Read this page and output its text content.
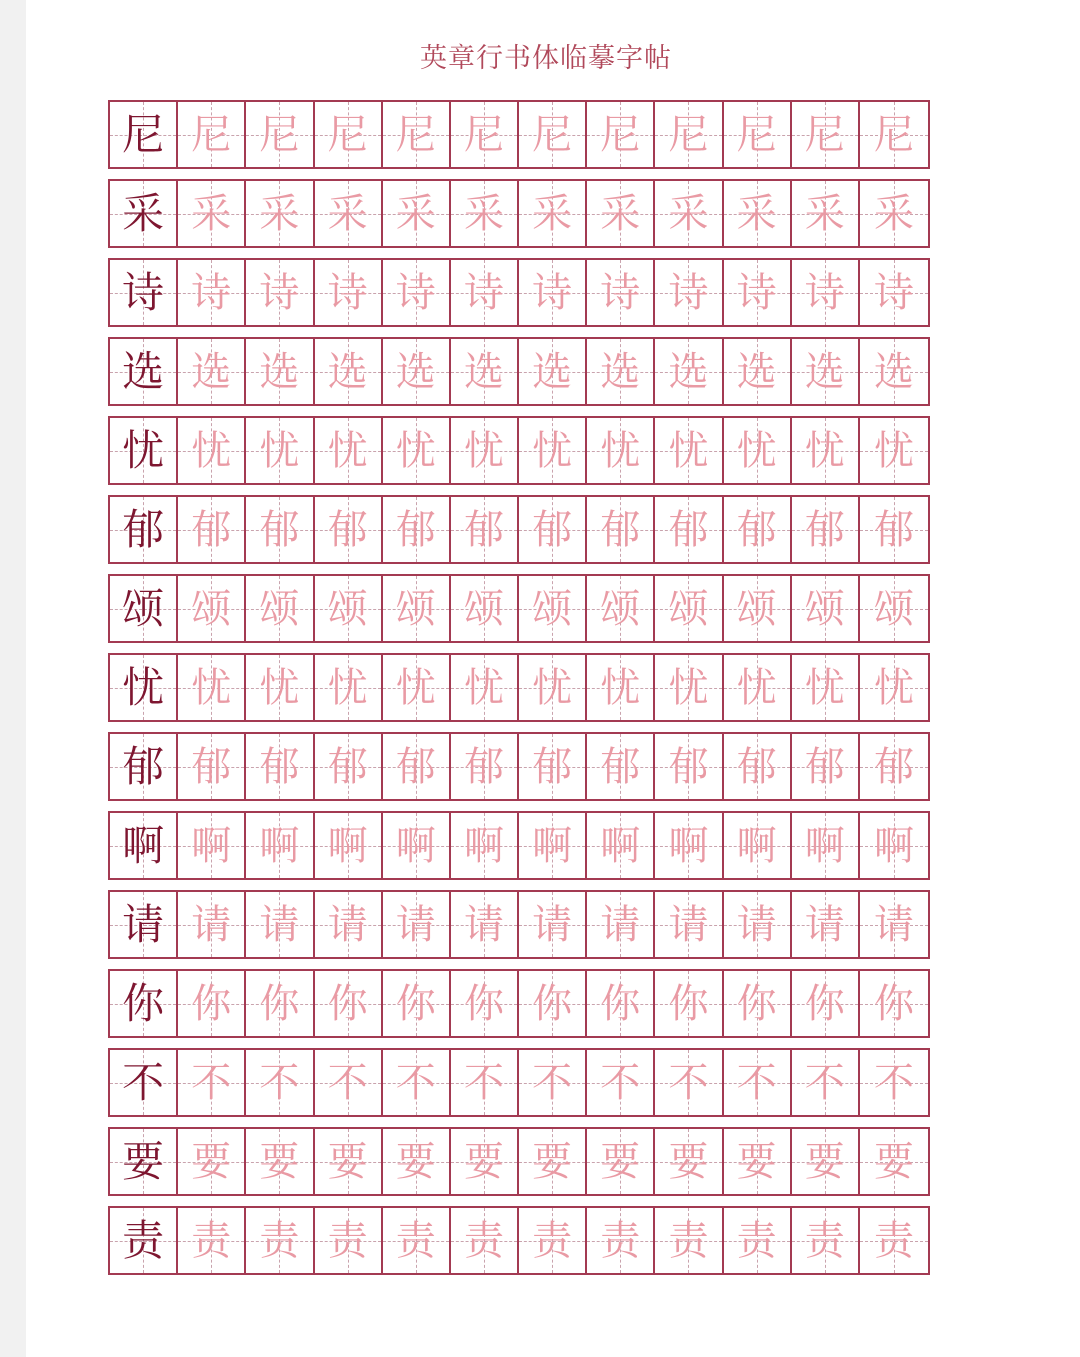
英章行书体临摹字帖
尼 尼 尼 尼 尼 尼 尼 尼 尼 尼 尼 尼
采 采 采 采 采 采 采 采 采 采 采 采
诗 诗 诗 诗 诗 诗 诗 诗 诗 诗 诗 诗
选 选 选 选 选 选 选 选 选 选 选 选
忧 忧 忧 忧 忧 忧 忧 忧 忧 忧 忧 忧
郁 郁 郁 郁 郁 郁 郁 郁 郁 郁 郁 郁
颂 颂 颂 颂 颂 颂 颂 颂 颂 颂 颂 颂
忧 忧 忧 忧 忧 忧 忧 忧 忧 忧 忧 忧
郁 郁 郁 郁 郁 郁 郁 郁 郁 郁 郁 郁
啊 啊 啊 啊 啊 啊 啊 啊 啊 啊 啊 啊
请 请 请 请 请 请 请 请 请 请 请 请
你 你 你 你 你 你 你 你 你 你 你 你
不 不 不 不 不 不 不 不 不 不 不 不
要 要 要 要 要 要 要 要 要 要 要 要
责 责 责 责 责 责 责 责 责 责 责 责
